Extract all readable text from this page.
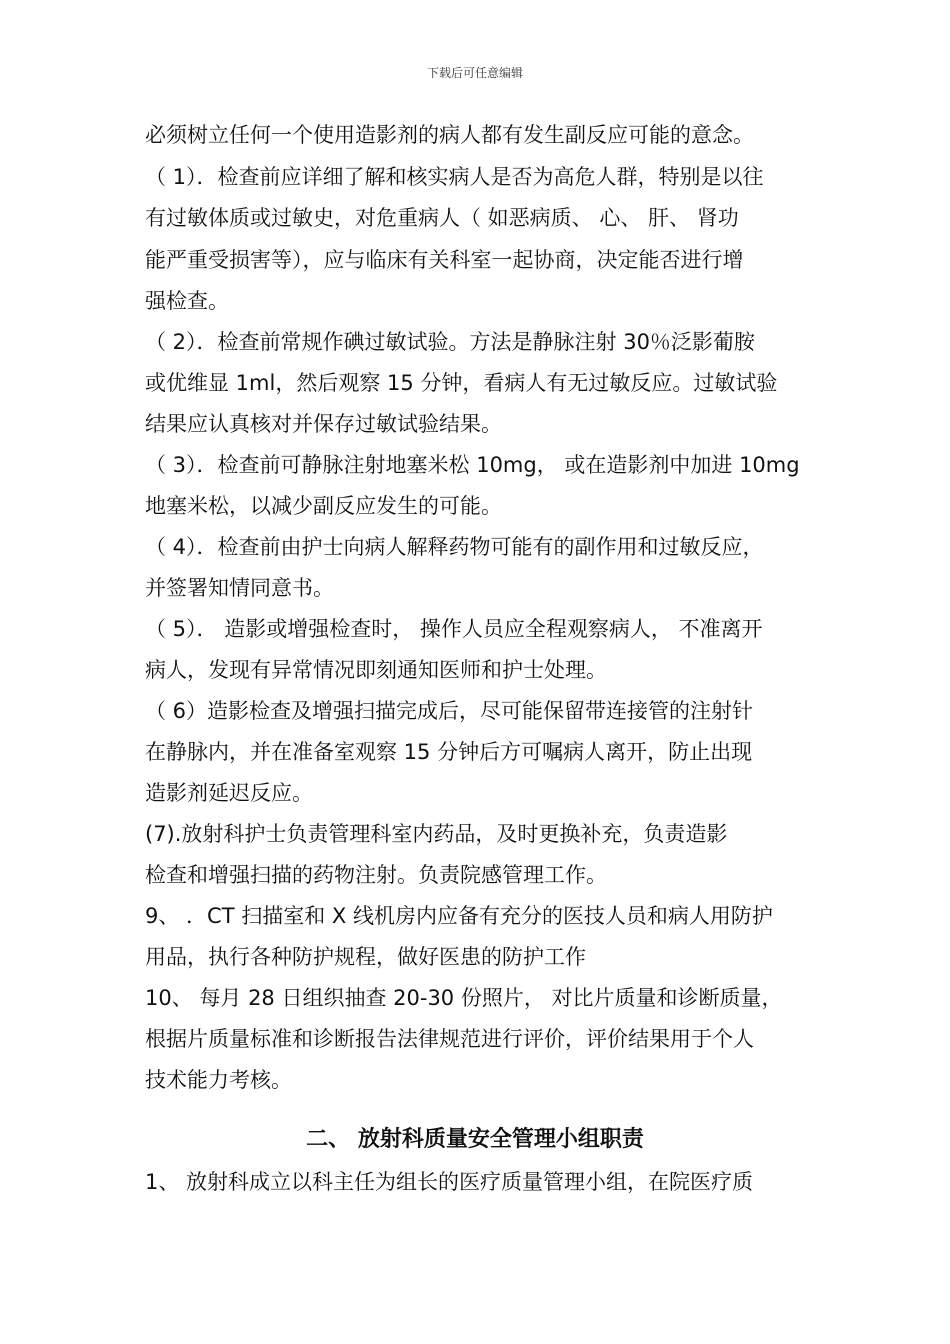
下载后可任意编辑
必须树立任何一个使用造影剂的病人都有发生副反应可能的意念。
（ 1）．检查前应详细了解和核实病人是否为高危人群，特别是以往
有过敏体质或过敏史，对危重病人（ 如恶病质、 心、 肝、 肾功
能严重受损害等），应与临床有关科室一起协商，决定能否进行增
强检查。
（ 2）．检查前常规作碘过敏试验。方法是静脉注射 30％泛影葡胺
或优维显 1ml，然后观察 15 分钟，看病人有无过敏反应。过敏试验
结果应认真核对并保存过敏试验结果。
（ 3）．检查前可静脉注射地塞米松 10mg， 或在造影剂中加进 10mg
地塞米松，以减少副反应发生的可能。
（ 4）．检查前由护士向病人解释药物可能有的副作用和过敏反应，
并签署知情同意书。
（ 5）． 造影或增强检查时， 操作人员应全程观察病人， 不准离开
病人，发现有异常情况即刻通知医师和护士处理。
（ 6）造影检查及增强扫描完成后，尽可能保留带连接管的注射针
在静脉内，并在准备室观察 15 分钟后方可嘱病人离开，防止出现
造影剂延迟反应。
(7).放射科护士负责管理科室内药品，及时更换补充，负责造影
检查和增强扫描的药物注射。负责院感管理工作。
9、 ．CT 扫描室和 X 线机房内应备有充分的医技人员和病人用防护
用品，执行各种防护规程，做好医患的防护工作
10、 每月 28 日组织抽查 20-30 份照片， 对比片质量和诊断质量，
根据片质量标准和诊断报告法律规范进行评价，评价结果用于个人
技术能力考核。
二、 放射科质量安全管理小组职责
1、 放射科成立以科主任为组长的医疗质量管理小组，在院医疗质
